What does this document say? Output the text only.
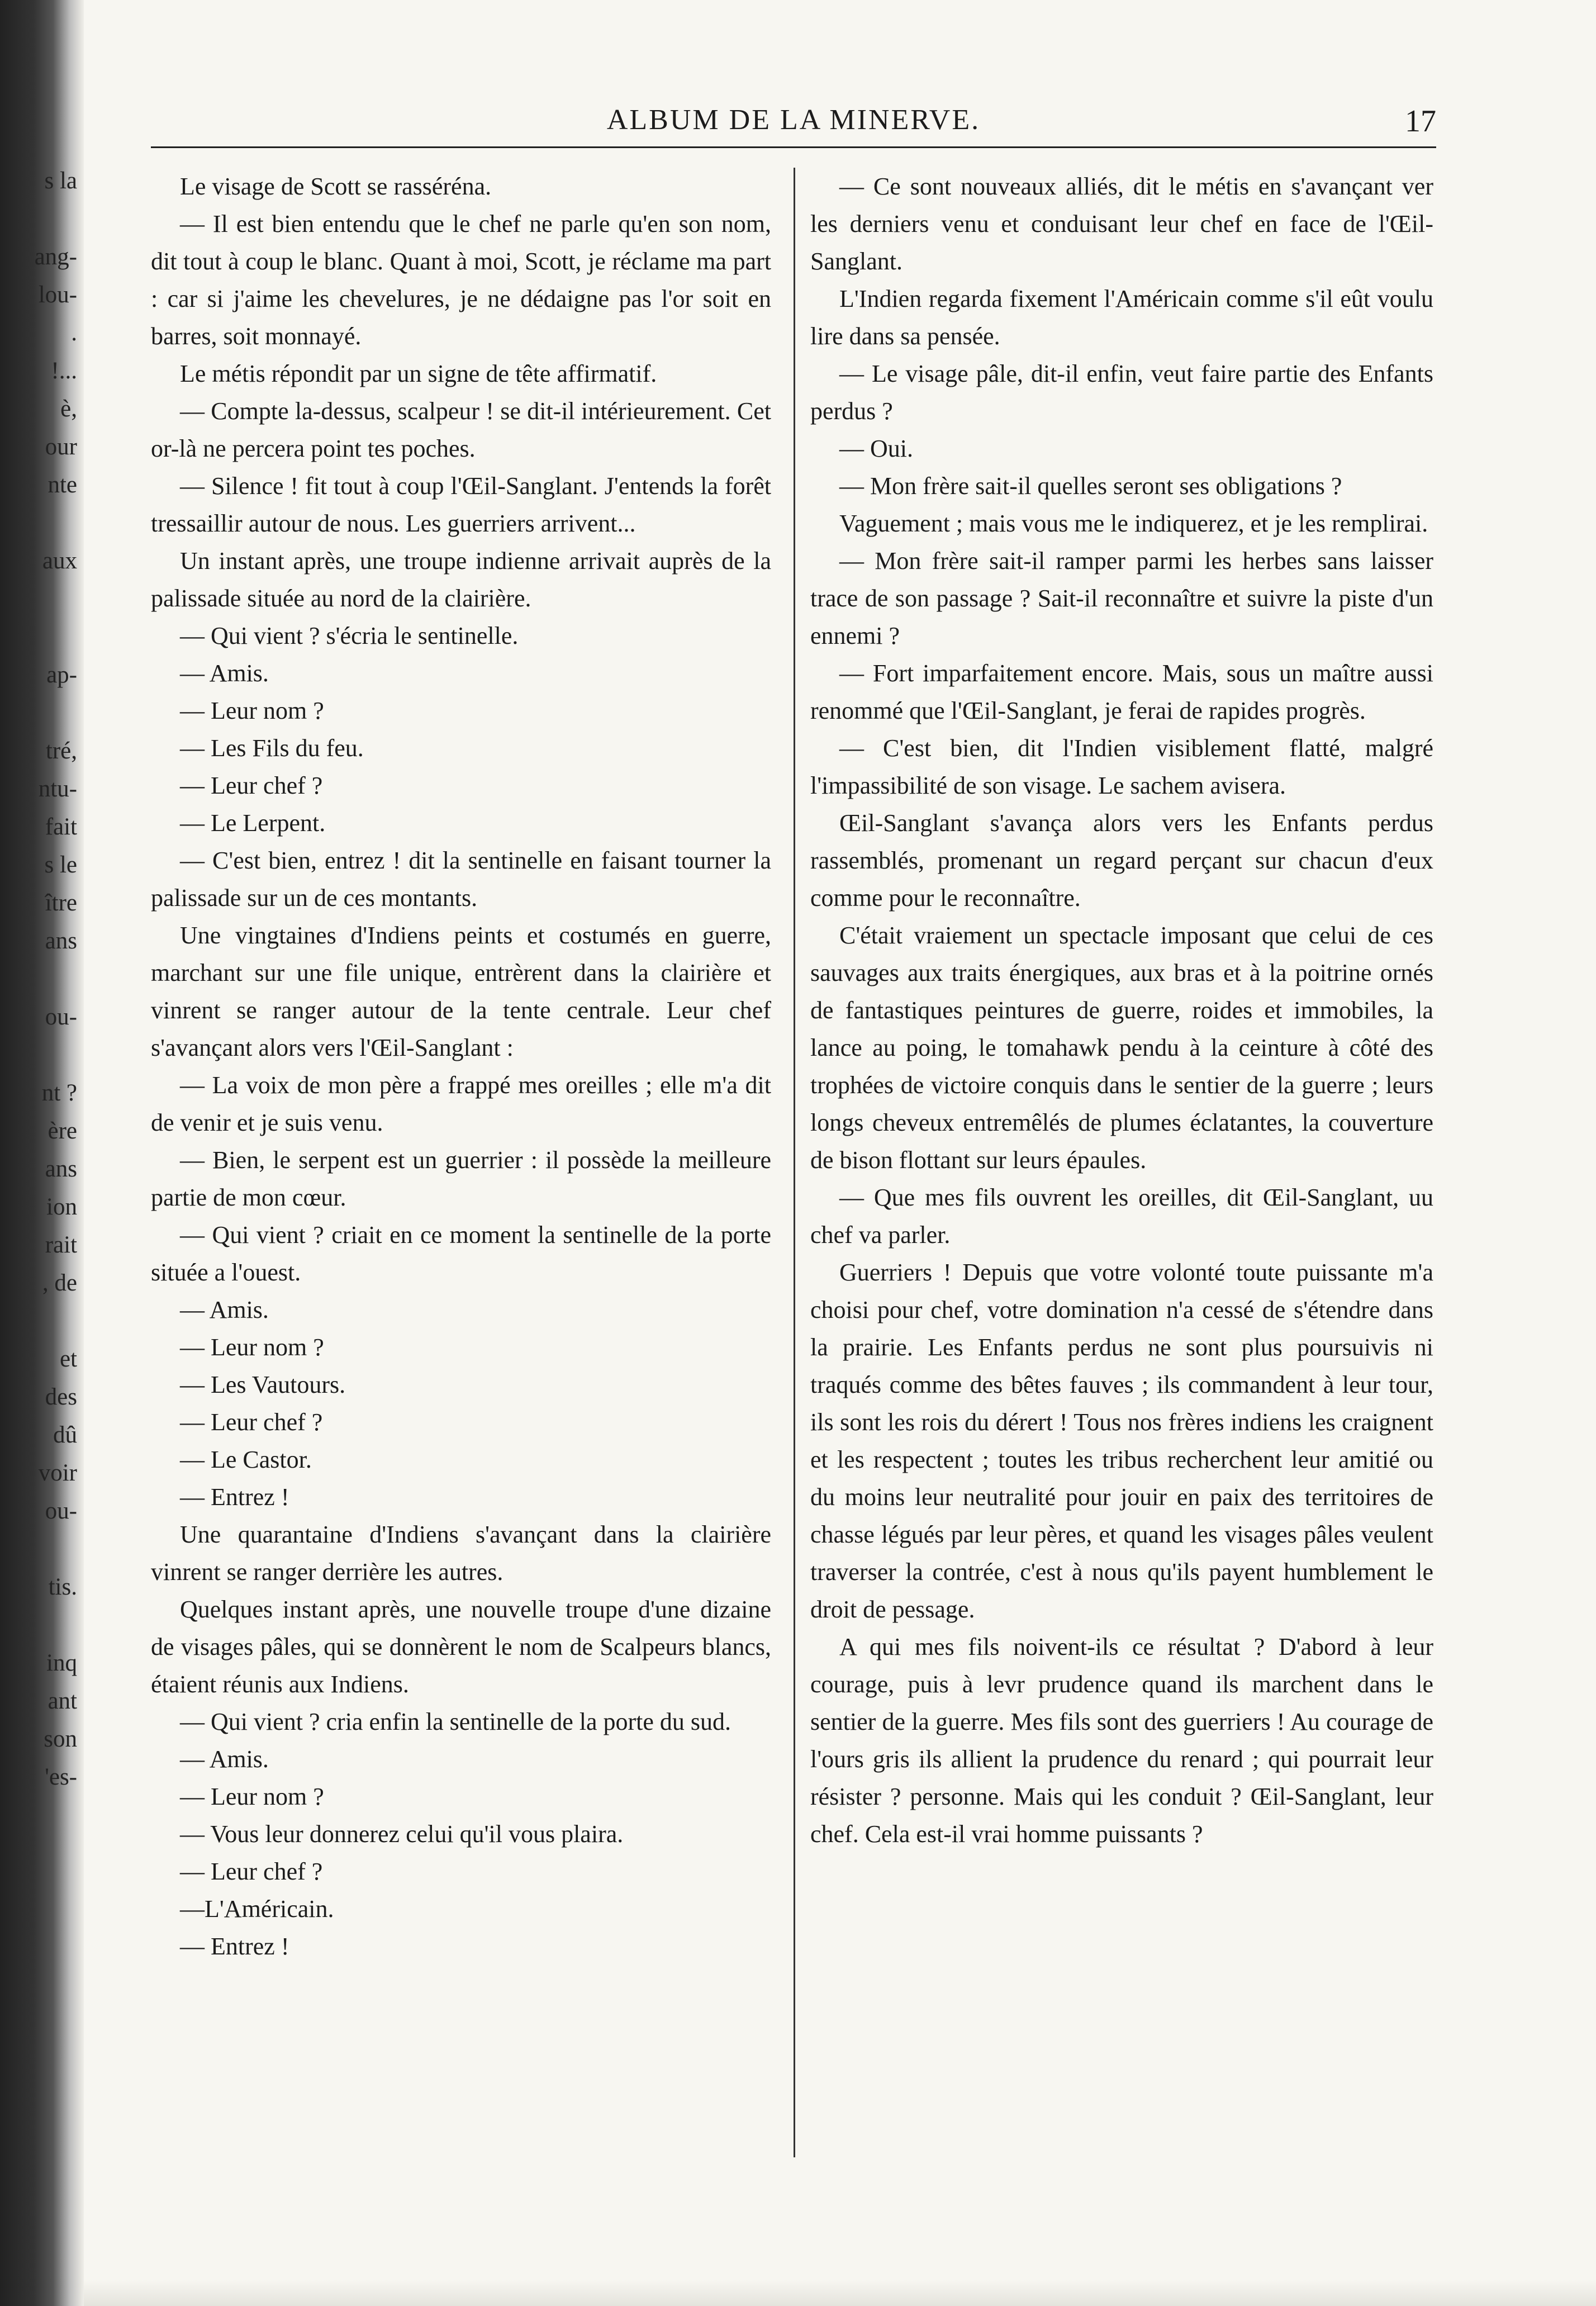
s la
ang-
lou-
.
!...
è,
our
nte
aux
ap-
tré,
ntu-
fait
s le
ître
ans
ou-
nt ?
ère
ans
ion
rait
, de
et
des
dû
voir
ou-
tis.
inq
ant
son
'es-
ALBUM DE LA MINERVE.	17

Le visage de Scott se rasséréna.

— Il est bien entendu que le chef ne parle qu'en son nom, dit tout à coup le blanc. Quant à moi, Scott, je réclame ma part : car si j'aime les chevelures, je ne dédaigne pas l'or soit en barres, soit monnayé.

Le métis répondit par un signe de tête affirmatif.

— Compte la-dessus, scalpeur ! se dit-il intérieurement. Cet or-là ne percera point tes poches.

— Silence ! fit tout à coup l'Œil-Sanglant. J'entends la forêt tressaillir autour de nous. Les guerriers arrivent...

Un instant après, une troupe indienne arrivait auprès de la palissade située au nord de la clairière.

— Qui vient ? s'écria le sentinelle.

— Amis.

— Leur nom ?

— Les Fils du feu.

— Leur chef ?

— Le Lerpent.

— C'est bien, entrez ! dit la sentinelle en faisant tourner la palissade sur un de ces montants.

Une vingtaines d'Indiens peints et costumés en guerre, marchant sur une file unique, entrèrent dans la clairière et vinrent se ranger autour de la tente centrale. Leur chef s'avançant alors vers l'Œil-Sanglant :

— La voix de mon père a frappé mes oreilles ; elle m'a dit de venir et je suis venu.

— Bien, le serpent est un guerrier : il possède la meilleure partie de mon cœur.

— Qui vient ? criait en ce moment la sentinelle de la porte située a l'ouest.

— Amis.

— Leur nom ?

— Les Vautours.

— Leur chef ?

— Le Castor.

— Entrez !

Une quarantaine d'Indiens s'avançant dans la clairière vinrent se ranger derrière les autres.

Quelques instant après, une nouvelle troupe d'une dizaine de visages pâles, qui se donnèrent le nom de Scalpeurs blancs, étaient réunis aux Indiens.

— Qui vient ? cria enfin la sentinelle de la porte du sud.

— Amis.

— Leur nom ?

— Vous leur donnerez celui qu'il vous plaira.

— Leur chef ?

—L'Américain.

— Entrez !

— Ce sont nouveaux alliés, dit le métis en s'avançant ver les derniers venu et conduisant leur chef en face de l'Œil-Sanglant.

L'Indien regarda fixement l'Américain comme s'il eût voulu lire dans sa pensée.

— Le visage pâle, dit-il enfin, veut faire partie des Enfants perdus ?

— Oui.

— Mon frère sait-il quelles seront ses obligations ?

Vaguement ; mais vous me le indiquerez, et je les remplirai.

— Mon frère sait-il ramper parmi les herbes sans laisser trace de son passage ? Sait-il reconnaître et suivre la piste d'un ennemi ?

— Fort imparfaitement encore. Mais, sous un maître aussi renommé que l'Œil-Sanglant, je ferai de rapides progrès.

— C'est bien, dit l'Indien visiblement flatté, malgré l'impassibilité de son visage. Le sachem avisera.

Œil-Sanglant s'avança alors vers les Enfants perdus rassemblés, promenant un regard perçant sur chacun d'eux comme pour le reconnaître.

C'était vraiement un spectacle imposant que celui de ces sauvages aux traits énergiques, aux bras et à la poitrine ornés de fantastiques peintures de guerre, roides et immobiles, la lance au poing, le tomahawk pendu à la ceinture à côté des trophées de victoire conquis dans le sentier de la guerre ; leurs longs cheveux entremêlés de plumes éclatantes, la couverture de bison flottant sur leurs épaules.

— Que mes fils ouvrent les oreilles, dit Œil-Sanglant, uu chef va parler.

Guerriers ! Depuis que votre volonté toute puissante m'a choisi pour chef, votre domination n'a cessé de s'étendre dans la prairie. Les Enfants perdus ne sont plus poursuivis ni traqués comme des bêtes fauves ; ils commandent à leur tour, ils sont les rois du dérert ! Tous nos frères indiens les craignent et les respectent ; toutes les tribus recherchent leur amitié ou du moins leur neutralité pour jouir en paix des territoires de chasse légués par leur pères, et quand les visages pâles veulent traverser la contrée, c'est à nous qu'ils payent humblement le droit de pessage.

A qui mes fils noivent-ils ce résultat ? D'abord à leur courage, puis à levr prudence quand ils marchent dans le sentier de la guerre. Mes fils sont des guerriers ! Au courage de l'ours gris ils allient la prudence du renard ; qui pourrait leur résister ? personne. Mais qui les conduit ? Œil-Sanglant, leur chef. Cela est-il vrai homme puissants ?
